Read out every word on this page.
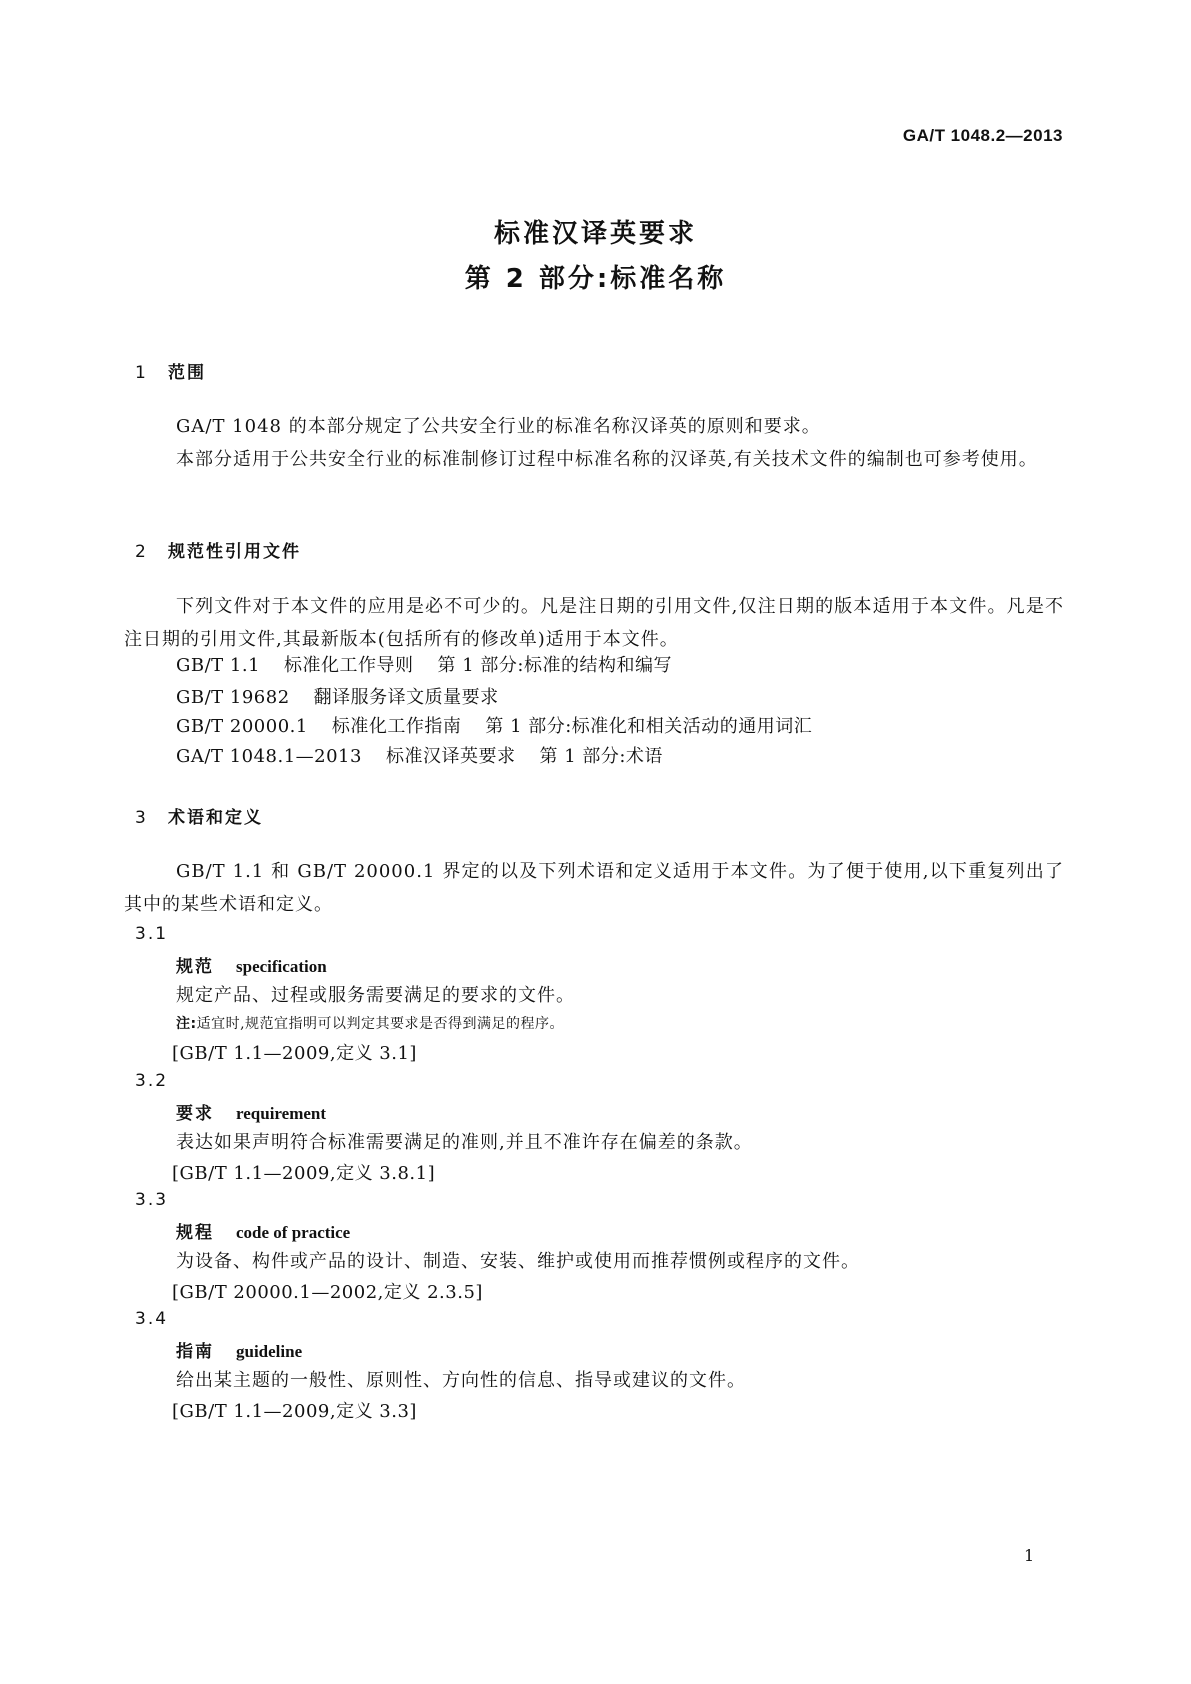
GA/T 1048.2—2013
标准汉译英要求
第 2 部分:标准名称
1 范围
GA/T 1048 的本部分规定了公共安全行业的标准名称汉译英的原则和要求。
本部分适用于公共安全行业的标准制修订过程中标准名称的汉译英,有关技术文件的编制也可参考使用。
2 规范性引用文件
下列文件对于本文件的应用是必不可少的。凡是注日期的引用文件,仅注日期的版本适用于本文件。凡是不注日期的引用文件,其最新版本(包括所有的修改单)适用于本文件。
GB/T 1.1 标准化工作导则 第 1 部分:标准的结构和编写
GB/T 19682 翻译服务译文质量要求
GB/T 20000.1 标准化工作指南 第 1 部分:标准化和相关活动的通用词汇
GA/T 1048.1—2013 标准汉译英要求 第 1 部分:术语
3 术语和定义
GB/T 1.1 和 GB/T 20000.1 界定的以及下列术语和定义适用于本文件。为了便于使用,以下重复列出了其中的某些术语和定义。
3.1
规范 specification
规定产品、过程或服务需要满足的要求的文件。
注:适宜时,规范宜指明可以判定其要求是否得到满足的程序。
[GB/T 1.1—2009,定义 3.1]
3.2
要求 requirement
表达如果声明符合标准需要满足的准则,并且不准许存在偏差的条款。
[GB/T 1.1—2009,定义 3.8.1]
3.3
规程 code of practice
为设备、构件或产品的设计、制造、安装、维护或使用而推荐惯例或程序的文件。
[GB/T 20000.1—2002,定义 2.3.5]
3.4
指南 guideline
给出某主题的一般性、原则性、方向性的信息、指导或建议的文件。
[GB/T 1.1—2009,定义 3.3]
1
